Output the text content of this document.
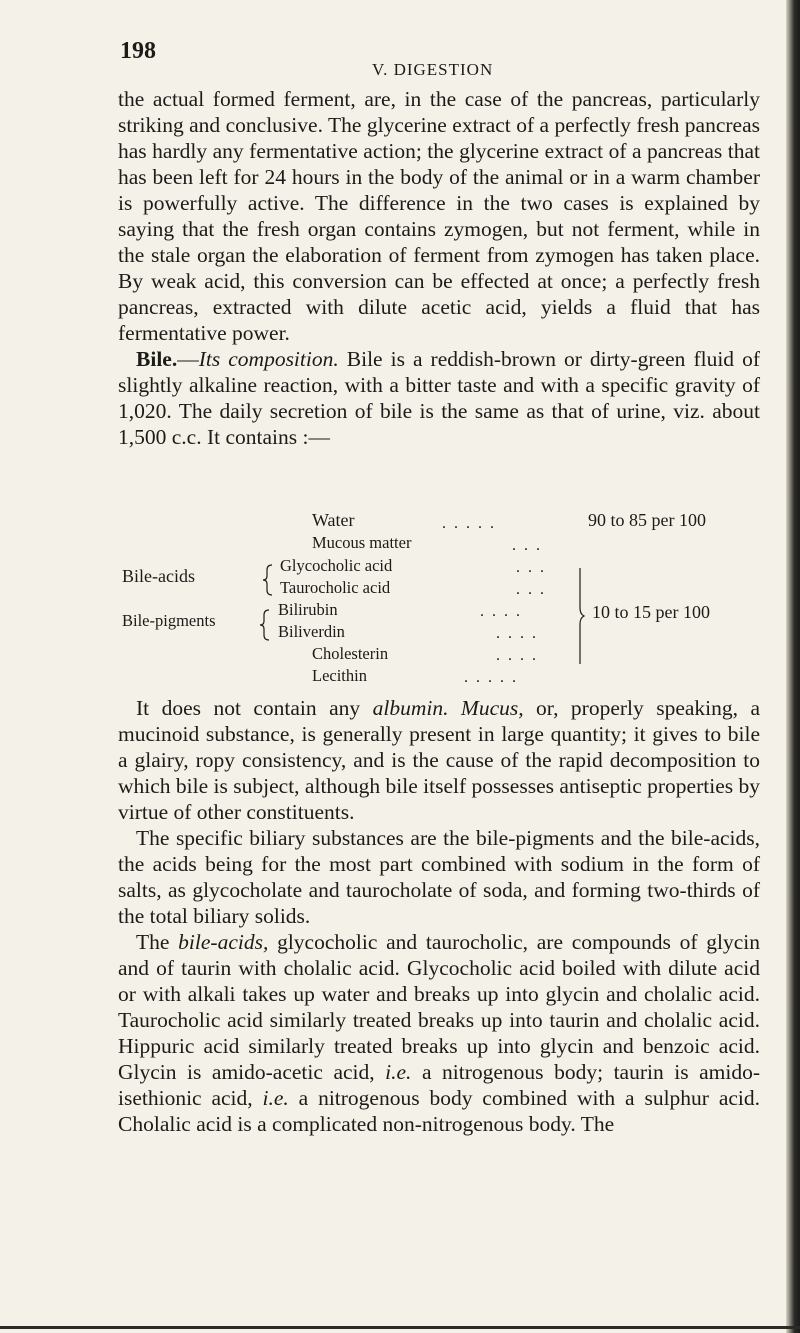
198
V. DIGESTION

the actual formed ferment, are, in the case of the pancreas, particularly striking and conclusive. The glycerine extract of a perfectly fresh pancreas has hardly any fermentative action; the glycerine extract of a pancreas that has been left for 24 hours in the body of the animal or in a warm chamber is powerfully active. The difference in the two cases is explained by saying that the fresh organ contains zymogen, but not ferment, while in the stale organ the elaboration of ferment from zymogen has taken place. By weak acid, this conversion can be effected at once; a perfectly fresh pancreas, extracted with dilute acetic acid, yields a fluid that has fermentative power.

Bile.—Its composition. Bile is a reddish-brown or dirty-green fluid of slightly alkaline reaction, with a bitter taste and with a specific gravity of 1,020. The daily secretion of bile is the same as that of urine, viz. about 1,500 c.c. It contains :—

.  .  .  .  .
.  .  .
.  .  .
.  .  .
.  .  .  .
.  .  .  .
.  .  .  .
.  .  .  .  .
Water	90 to 85 per 100
Mucous matter
Bile-acids
Glycocholic acid
Taurocholic acid
Bile-pigments
Bilirubin
Biliverdin
10 to 15 per 100
Cholesterin
Lecithin

It does not contain any albumin. Mucus, or, properly speaking, a mucinoid substance, is generally present in large quantity; it gives to bile a glairy, ropy consistency, and is the cause of the rapid decomposition to which bile is subject, although bile itself possesses antiseptic properties by virtue of other constituents.

The specific biliary substances are the bile-pigments and the bile-acids, the acids being for the most part combined with sodium in the form of salts, as glycocholate and taurocholate of soda, and forming two-thirds of the total biliary solids.

The bile-acids, glycocholic and taurocholic, are compounds of glycin and of taurin with cholalic acid. Glycocholic acid boiled with dilute acid or with alkali takes up water and breaks up into glycin and cholalic acid. Taurocholic acid similarly treated breaks up into taurin and cholalic acid. Hippuric acid similarly treated breaks up into glycin and benzoic acid. Glycin is amido-acetic acid, i.e. a nitrogenous body; taurin is amido-isethionic acid, i.e. a nitrogenous body combined with a sulphur acid. Cholalic acid is a complicated non-nitrogenous body. The
